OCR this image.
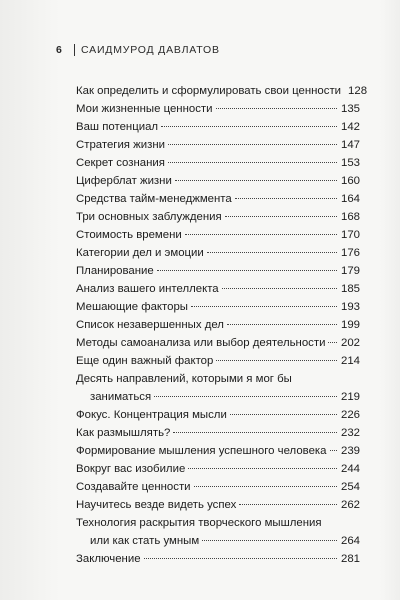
6	САИДМУРОД ДАВЛАТОВ
Как определить и сформулировать свои ценности 128
Мои жизненные ценности	135
Ваш потенциал	142
Стратегия жизни	147
Секрет сознания	153
Циферблат жизни	160
Средства тайм-менеджмента	164
Три основных заблуждения	168
Стоимость времени	170
Категории дел и эмоции	176
Планирование	179
Анализ вашего интеллекта	185
Мешающие факторы	193
Список незавершенных дел	199
Методы самоанализа или выбор деятельности 202
Еще один важный фактор	214
Десять направлений, которыми я мог бы
заниматься	219
Фокус. Концентрация мысли	226
Как размышлять?	232
Формирование мышления успешного человека 239
Вокруг вас изобилие	244
Создавайте ценности	254
Научитесь везде видеть успех	262
Технология раскрытия творческого мышления
или как стать умным	264
Заключение	281
